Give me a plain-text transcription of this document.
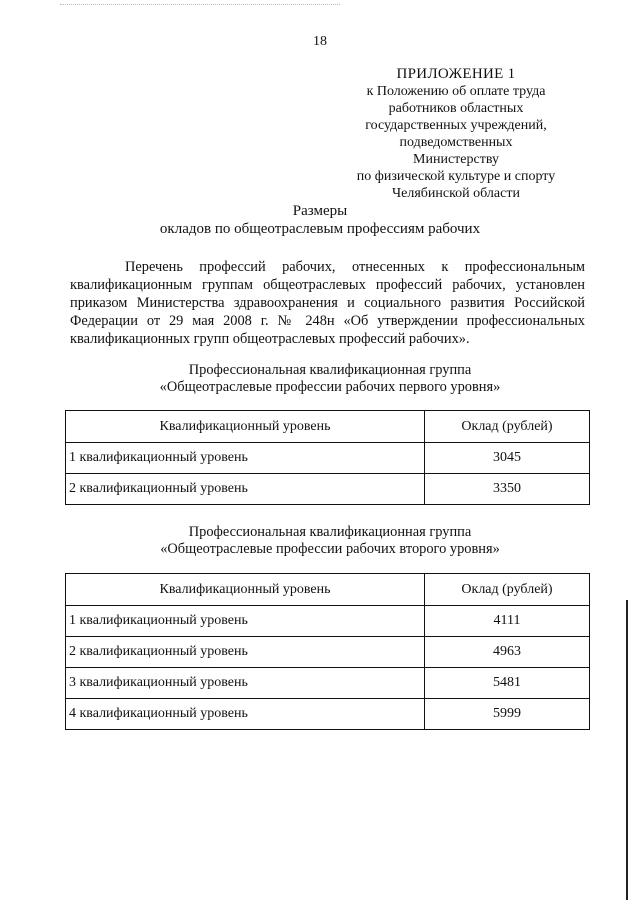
18
ПРИЛОЖЕНИЕ 1
к Положению об оплате труда
работников областных
государственных учреждений,
подведомственных Министерству
по физической культуре и спорту
Челябинской области
Размеры
окладов по общеотраслевым профессиям рабочих

Перечень профессий рабочих, отнесенных к профессиональным квалификационным группам общеотраслевых профессий рабочих, установлен приказом Министерства здравоохранения и социального развития Российской Федерации от 29 мая 2008 г. № 248н «Об утверждении профессиональных квалификационных групп общеотраслевых профессий рабочих».

Профессиональная квалификационная группа
«Общеотраслевые профессии рабочих первого уровня»
Квалификационный уровень	Оклад (рублей)
1 квалификационный уровень	3045
2 квалификационный уровень	3350
Профессиональная квалификационная группа
«Общеотраслевые профессии рабочих второго уровня»
Квалификационный уровень	Оклад (рублей)
1 квалификационный уровень	4111
2 квалификационный уровень	4963
3 квалификационный уровень	5481
4 квалификационный уровень	5999
